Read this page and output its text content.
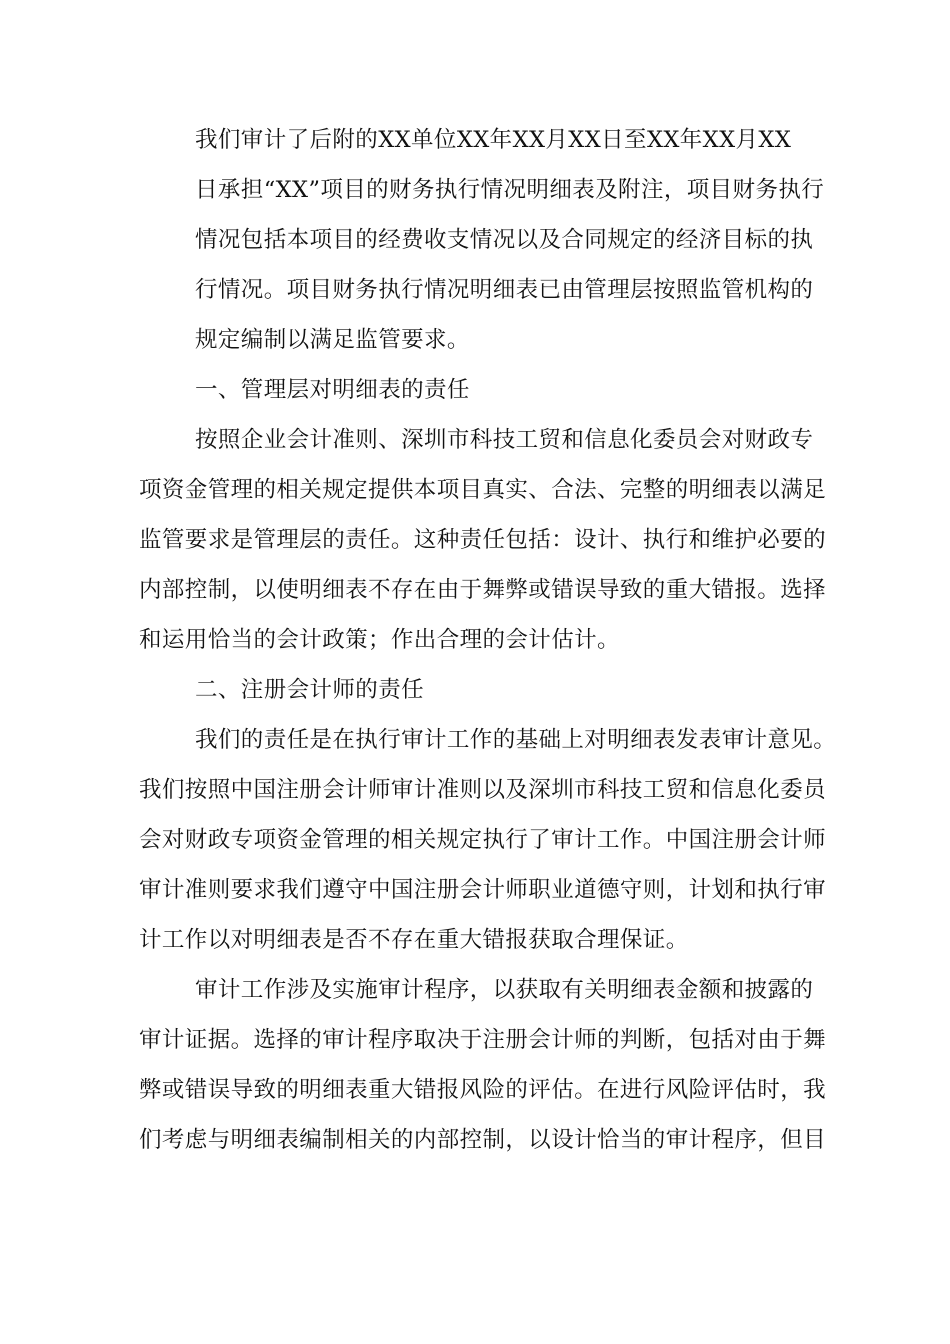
我们审计了后附的XX单位XX年XX月XX日至XX年XX月XX

日承担“XX”项目的财务执行情况明细表及附注，项目财务执行

情况包括本项目的经费收支情况以及合同规定的经济目标的执

行情况。项目财务执行情况明细表已由管理层按照监管机构的

规定编制以满足监管要求。

一、管理层对明细表的责任

按照企业会计准则、深圳市科技工贸和信息化委员会对财政专

项资金管理的相关规定提供本项目真实、合法、完整的明细表以满足

监管要求是管理层的责任。这种责任包括：设计、执行和维护必要的

内部控制，以使明细表不存在由于舞弊或错误导致的重大错报。选择

和运用恰当的会计政策；作出合理的会计估计。

二、注册会计师的责任

我们的责任是在执行审计工作的基础上对明细表发表审计意见。

我们按照中国注册会计师审计准则以及深圳市科技工贸和信息化委员

会对财政专项资金管理的相关规定执行了审计工作。中国注册会计师

审计准则要求我们遵守中国注册会计师职业道德守则，计划和执行审

计工作以对明细表是否不存在重大错报获取合理保证。

审计工作涉及实施审计程序，以获取有关明细表金额和披露的

审计证据。选择的审计程序取决于注册会计师的判断，包括对由于舞

弊或错误导致的明细表重大错报风险的评估。在进行风险评估时，我

们考虑与明细表编制相关的内部控制，以设计恰当的审计程序，但目
